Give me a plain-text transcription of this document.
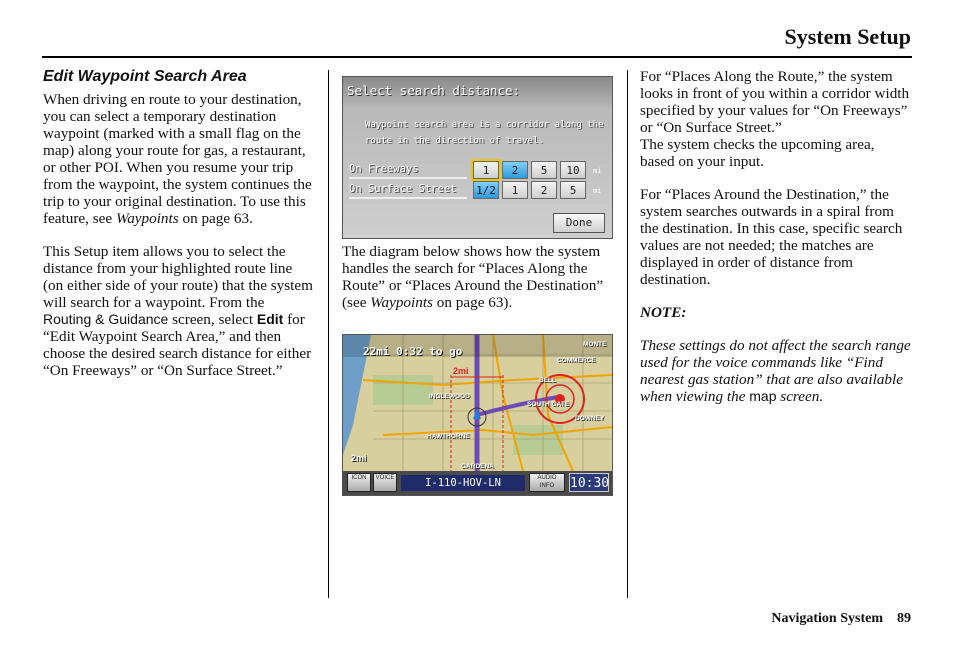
System Setup
Edit Waypoint Search Area

When driving en route to your destination, you can select a temporary destination waypoint (marked with a small flag on the map) along your route for gas, a restaurant, or other POI. When you resume your trip from the waypoint, the system continues the trip to your original destination. To use this feature, see Waypoints on page 63.

This Setup item allows you to select the distance from your highlighted route line (on either side of your route) that the system will search for a waypoint. From the Routing & Guidance screen, select Edit for “Edit Waypoint Search Area,” and then choose the desired search distance for either “On Freeways” or “On Surface Street.”

Select search distance:
Waypoint search area is a corridor along the route in the direction of travel.
On Freeways	1	2	5	10	mi
On Surface Street	1/2	1	2	5	mi
Done

The diagram below shows how the system handles the search for “Places Along the Route” or “Places Around the Destination” (see Waypoints on page 63).

22mi 0:32 to go
2mi
MONTE
COMMERCE
BELL
INGLEWOOD
SOUTH GATE
DOWNEY
HAWTHORNE
GARDENA
2mi
ICON	VOICE	I-110-HOV-LN	AUDIO INFO	10:30

For “Places Along the Route,” the system looks in front of you within a corridor width specified by your values for “On Freeways” or “On Surface Street.”

The system checks the upcoming area, based on your input.

For “Places Around the Destination,” the system searches outwards in a spiral from the destination. In this case, specific search values are not needed; the matches are displayed in order of distance from destination.

NOTE:

These settings do not affect the search range used for the voice commands like “Find nearest gas station” that are also available when viewing the map screen.

Navigation System 89
